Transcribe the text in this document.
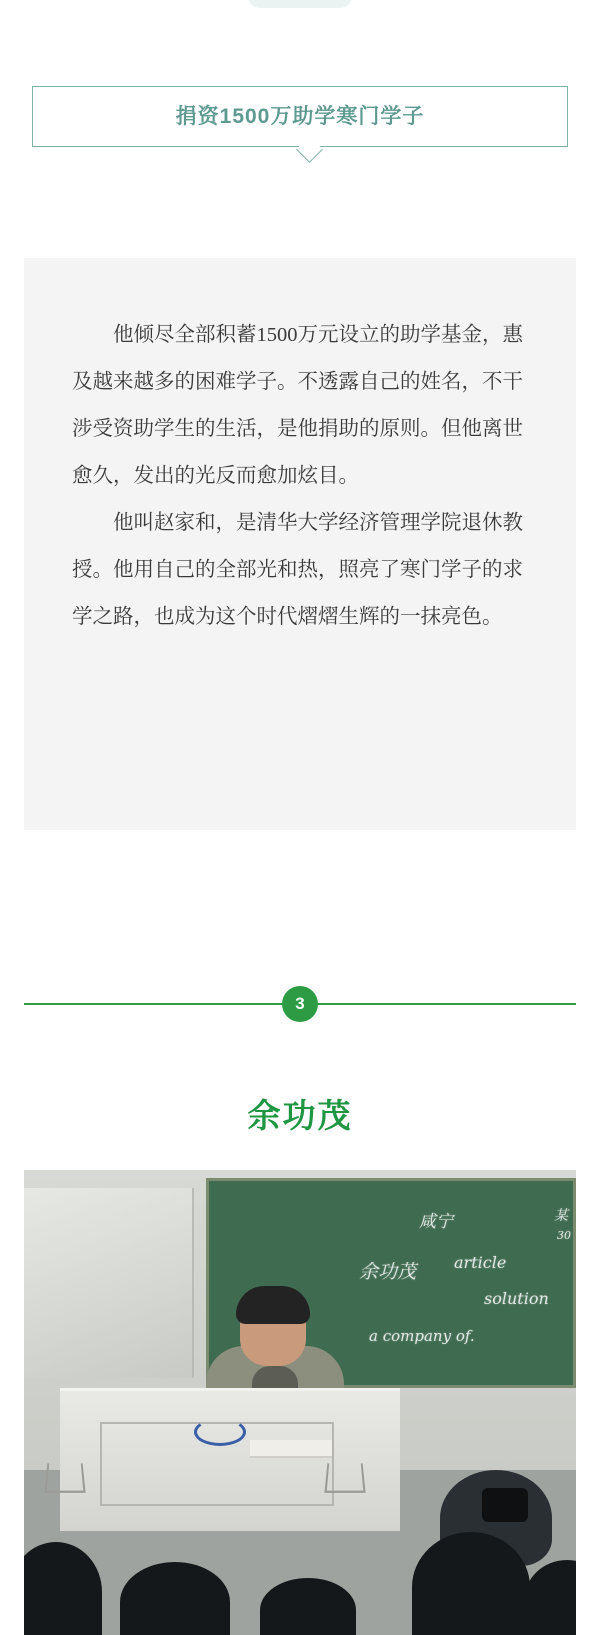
捐资1500万助学寒门学子

他倾尽全部积蓄1500万元设立的助学基金，惠及越来越多的困难学子。不透露自己的姓名，不干涉受资助学生的生活，是他捐助的原则。但他离世愈久，发出的光反而愈加炫目。

他叫赵家和，是清华大学经济管理学院退休教授。他用自己的全部光和热，照亮了寒门学子的求学之路，也成为这个时代熠熠生辉的一抹亮色。

3
余功茂
咸宁
余功茂 article
solution
a company of.
某
30
